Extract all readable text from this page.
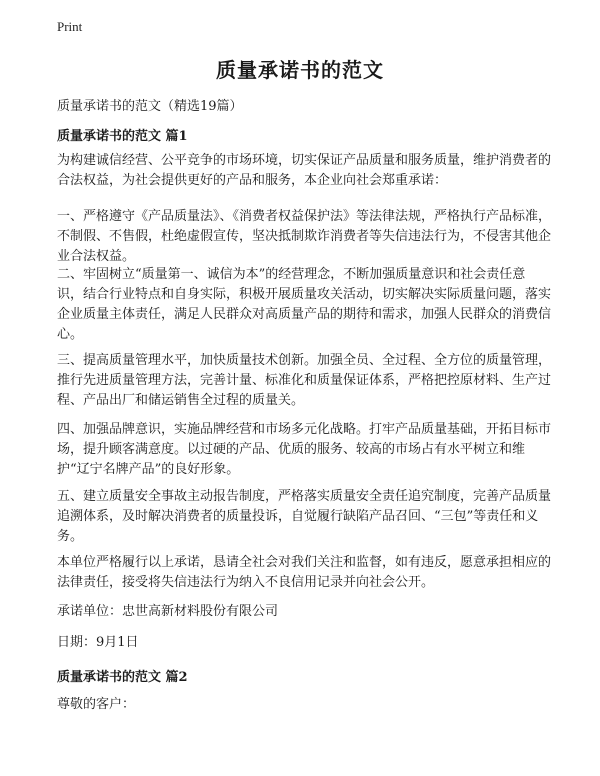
Print
质量承诺书的范文
质量承诺书的范文（精选19篇）
质量承诺书的范文 篇1

为构建诚信经营、公平竞争的市场环境，切实保证产品质量和服务质量，维护消费者的合法权益，为社会提供更好的产品和服务，本企业向社会郑重承诺：

一、严格遵守《产品质量法》、《消费者权益保护法》等法律法规，严格执行产品标准，不制假、不售假，杜绝虚假宣传，坚决抵制欺诈消费者等失信违法行为，不侵害其他企业合法权益。

二、牢固树立“质量第一、诚信为本”的经营理念，不断加强质量意识和社会责任意识，结合行业特点和自身实际，积极开展质量攻关活动，切实解决实际质量问题，落实企业质量主体责任，满足人民群众对高质量产品的期待和需求，加强人民群众的消费信心。

三、提高质量管理水平，加快质量技术创新。加强全员、全过程、全方位的质量管理，推行先进质量管理方法，完善计量、标准化和质量保证体系，严格把控原材料、生产过程、产品出厂和储运销售全过程的质量关。

四、加强品牌意识，实施品牌经营和市场多元化战略。打牢产品质量基础，开拓目标市场，提升顾客满意度。以过硬的产品、优质的服务、较高的市场占有水平树立和维护“辽宁名牌产品”的良好形象。

五、建立质量安全事故主动报告制度，严格落实质量安全责任追究制度，完善产品质量追溯体系，及时解决消费者的质量投诉，自觉履行缺陷产品召回、“三包”等责任和义务。

本单位严格履行以上承诺，恳请全社会对我们关注和监督，如有违反，愿意承担相应的法律责任，接受将失信违法行为纳入不良信用记录并向社会公开。

承诺单位：忠世高新材料股份有限公司

日期：9月1日

质量承诺书的范文 篇2

尊敬的客户：
